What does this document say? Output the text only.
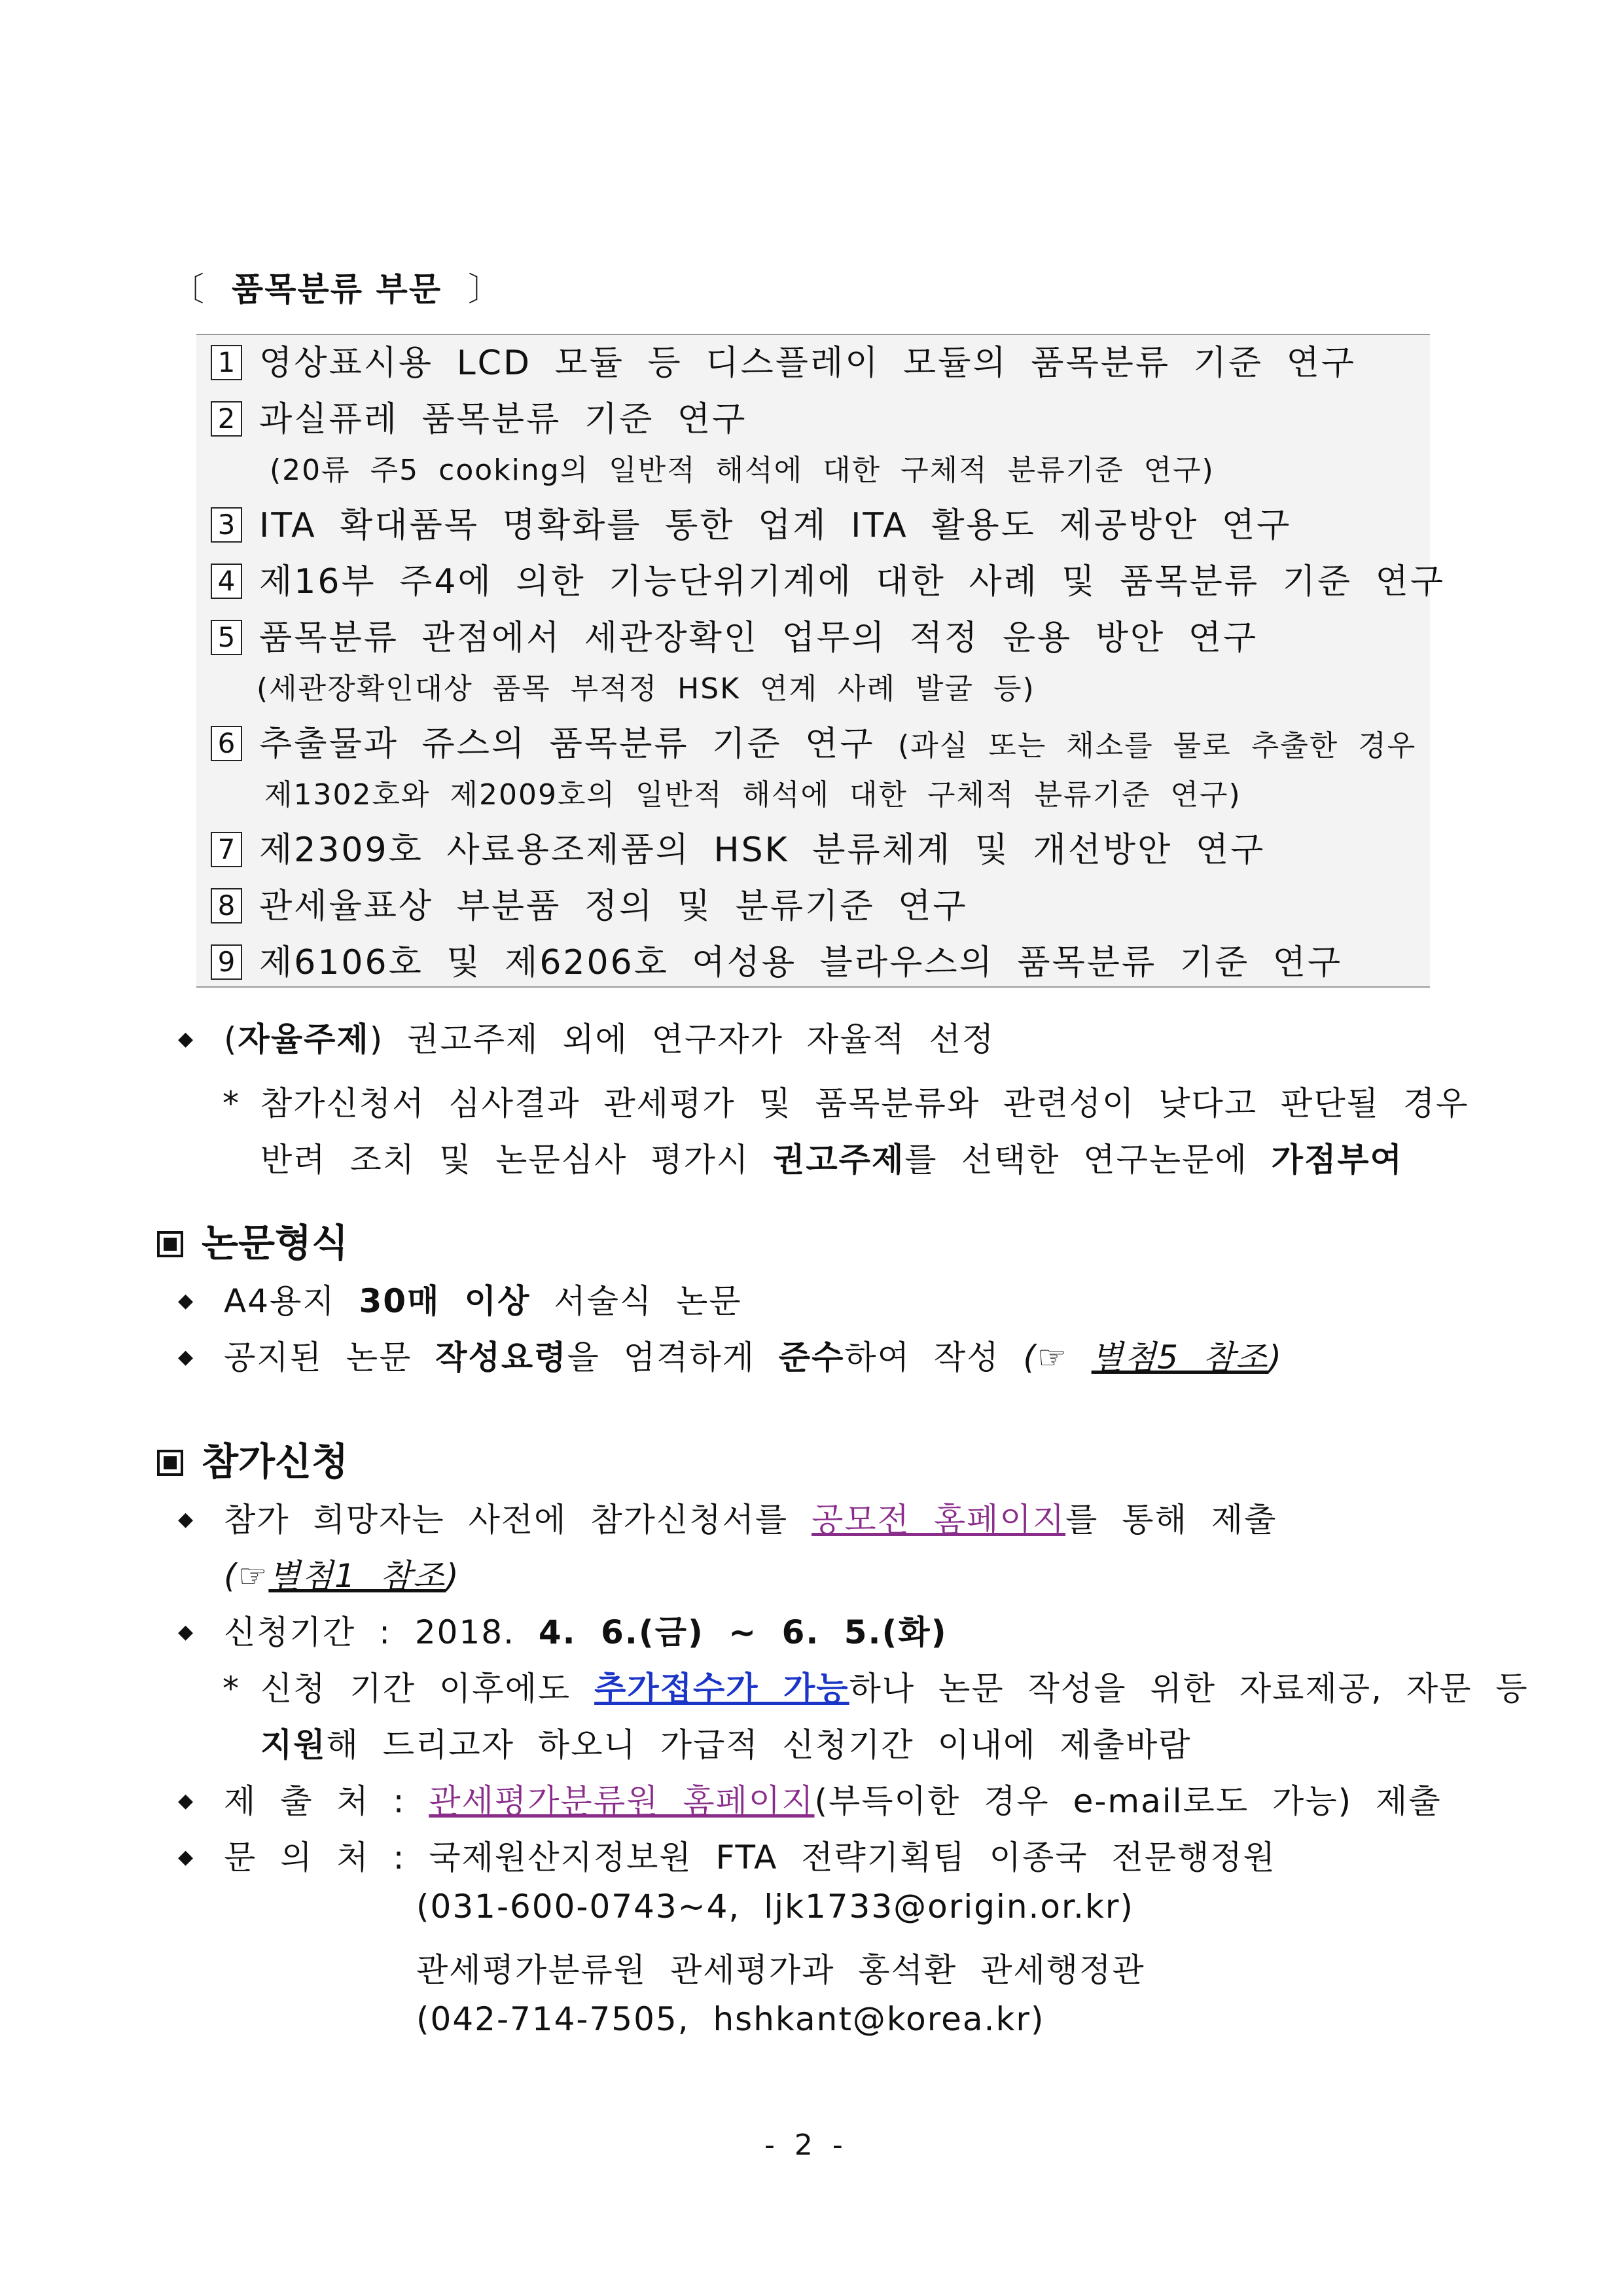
〔 품목분류 부문 〕
1 영상표시용 LCD 모듈 등 디스플레이 모듈의 품목분류 기준 연구
2 과실퓨레 품목분류 기준 연구
(20류 주5 cooking의 일반적 해석에 대한 구체적 분류기준 연구)
3 ITA 확대품목 명확화를 통한 업계 ITA 활용도 제공방안 연구
4 제16부 주4에 의한 기능단위기계에 대한 사례 및 품목분류 기준 연구
5 품목분류 관점에서 세관장확인 업무의 적정 운용 방안 연구
(세관장확인대상 품목 부적정 HSK 연계 사례 발굴 등)
6 추출물과 쥬스의 품목분류 기준 연구 (과실 또는 채소를 물로 추출한 경우
제1302호와 제2009호의 일반적 해석에 대한 구체적 분류기준 연구)
7 제2309호 사료용조제품의 HSK 분류체계 및 개선방안 연구
8 관세율표상 부분품 정의 및 분류기준 연구
9 제6106호 및 제6206호 여성용 블라우스의 품목분류 기준 연구
◆ (자율주제) 권고주제 외에 연구자가 자율적 선정
* 참가신청서 심사결과 관세평가 및 품목분류와 관련성이 낮다고 판단될 경우
반려 조치 및 논문심사 평가시 권고주제를 선택한 연구논문에 가점부여
논문형식
◆ A4용지 30매 이상 서술식 논문
◆ 공지된 논문 작성요령을 엄격하게 준수하여 작성 (☞ 별첨5 참조)
참가신청
◆ 참가 희망자는 사전에 참가신청서를 공모전 홈페이지를 통해 제출
(☞별첨1 참조)
◆ 신청기간 : 2018. 4. 6.(금) ~ 6. 5.(화)
* 신청 기간 이후에도 추가접수가 가능하나 논문 작성을 위한 자료제공, 자문 등
지원해 드리고자 하오니 가급적 신청기간 이내에 제출바람
◆ 제 출 처 : 관세평가분류원 홈페이지(부득이한 경우 e-mail로도 가능) 제출
◆ 문 의 처 : 국제원산지정보원 FTA 전략기획팀 이종국 전문행정원
(031-600-0743~4, ljk1733@origin.or.kr)
관세평가분류원 관세평가과 홍석환 관세행정관
(042-714-7505, hshkant@korea.kr)
- 2 -
